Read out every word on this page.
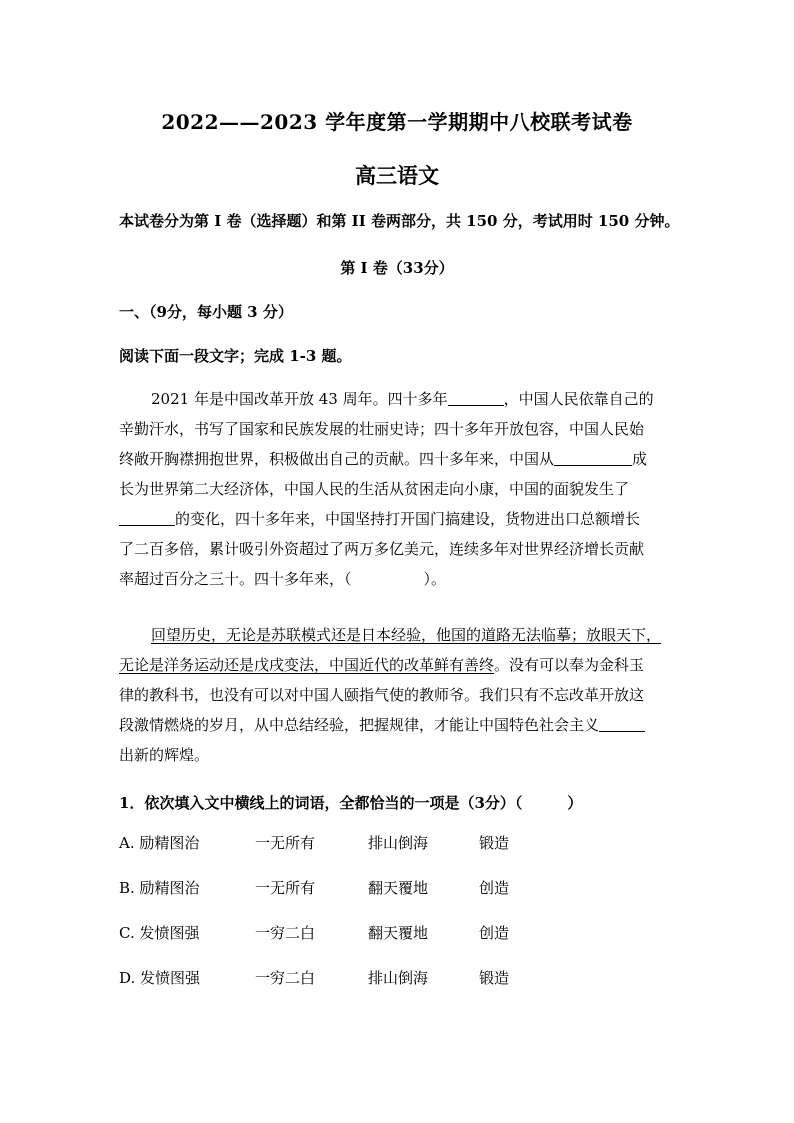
2022——2023 学年度第一学期期中八校联考试卷
高三语文
本试卷分为第 I 卷（选择题）和第 II 卷两部分，共 150 分，考试用时 150 分钟。
第 I 卷（33分）
一、（9分，每小题 3 分）
阅读下面一段文字；完成 1-3 题。
2021 年是中国改革开放 43 周年。四十多年	，中国人民依靠自己的
辛勤汗水，书写了国家和民族发展的壮丽史诗；四十多年开放包容，中国人民始
终敞开胸襟拥抱世界，积极做出自己的贡献。四十多年来，中国从	成
长为世界第二大经济体，中国人民的生活从贫困走向小康，中国的面貌发生了
的变化，四十多年来，中国坚持打开国门搞建设，货物进出口总额增长
了二百多倍，累计吸引外资超过了两万多亿美元，连续多年对世界经济增长贡献
率超过百分之三十。四十多年来，（	）。
回望历史，无论是苏联模式还是日本经验，他国的道路无法临摹；放眼天下，
无论是洋务运动还是戊戌变法，中国近代的改革鲜有善终。没有可以奉为金科玉
律的教科书，也没有可以对中国人颐指气使的教师爷。我们只有不忘改革开放这
段激情燃烧的岁月，从中总结经验，把握规律，才能让中国特色社会主义
出新的辉煌。
1．依次填入文中横线上的词语，全都恰当的一项是（3分）（　　　）
A. 励精图治	一无所有	排山倒海	锻造
B. 励精图治	一无所有	翻天覆地	创造
C. 发愤图强	一穷二白	翻天覆地	创造
D. 发愤图强	一穷二白	排山倒海	锻造
